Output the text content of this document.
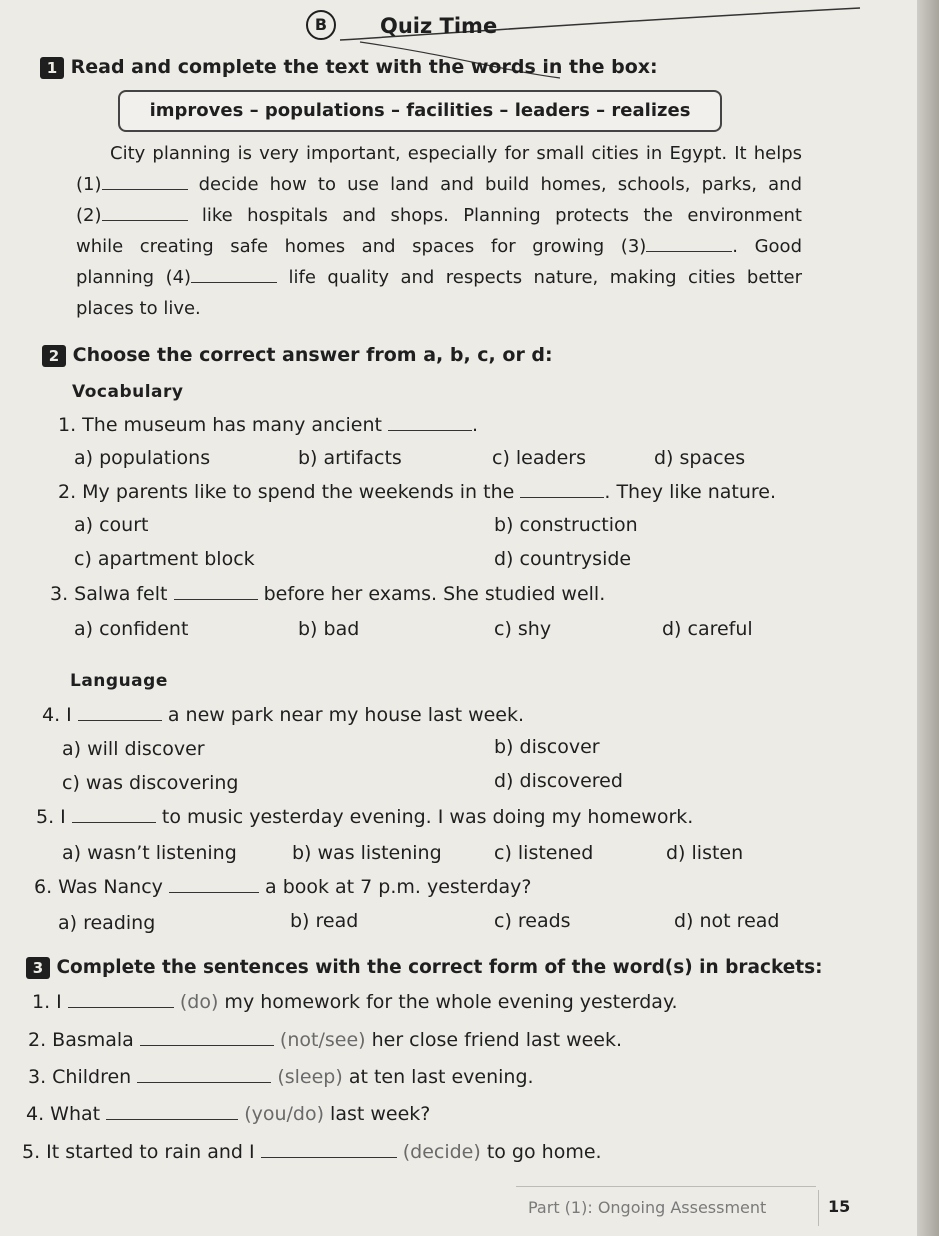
B	Quiz Time
1 Read and complete the text with the words in the box:
improves – populations – facilities – leaders – realizes
City planning is very important, especially for small cities in Egypt. It helps
(1)	decide how to use land and build homes, schools, parks, and
(2)	like hospitals and shops. Planning protects the environment
while creating safe homes and spaces for growing (3)	. Good
planning (4)	life quality and respects nature, making cities better
places to live.
2 Choose the correct answer from a, b, c, or d:
Vocabulary
1. The museum has many ancient	.
a) populations	b) artifacts	c) leaders	d) spaces
2. My parents like to spend the weekends in the	. They like nature.
a) court	b) construction
c) apartment block	d) countryside
3. Salwa felt	before her exams. She studied well.
a) confident	b) bad	c) shy	d) careful
Language
4. I	a new park near my house last week.
a) will discover	b) discover
c) was discovering	d) discovered
5. I	to music yesterday evening. I was doing my homework.
a) wasn’t listening	b) was listening	c) listened	d) listen
6. Was Nancy	a book at 7 p.m. yesterday?
a) reading	b) read	c) reads	d) not read
3 Complete the sentences with the correct form of the word(s) in brackets:
1. I	(do) my homework for the whole evening yesterday.
2. Basmala	(not/see) her close friend last week.
3. Children	(sleep) at ten last evening.
4. What	(you/do) last week?
5. It started to rain and I	(decide) to go home.
Part (1): Ongoing Assessment	15
